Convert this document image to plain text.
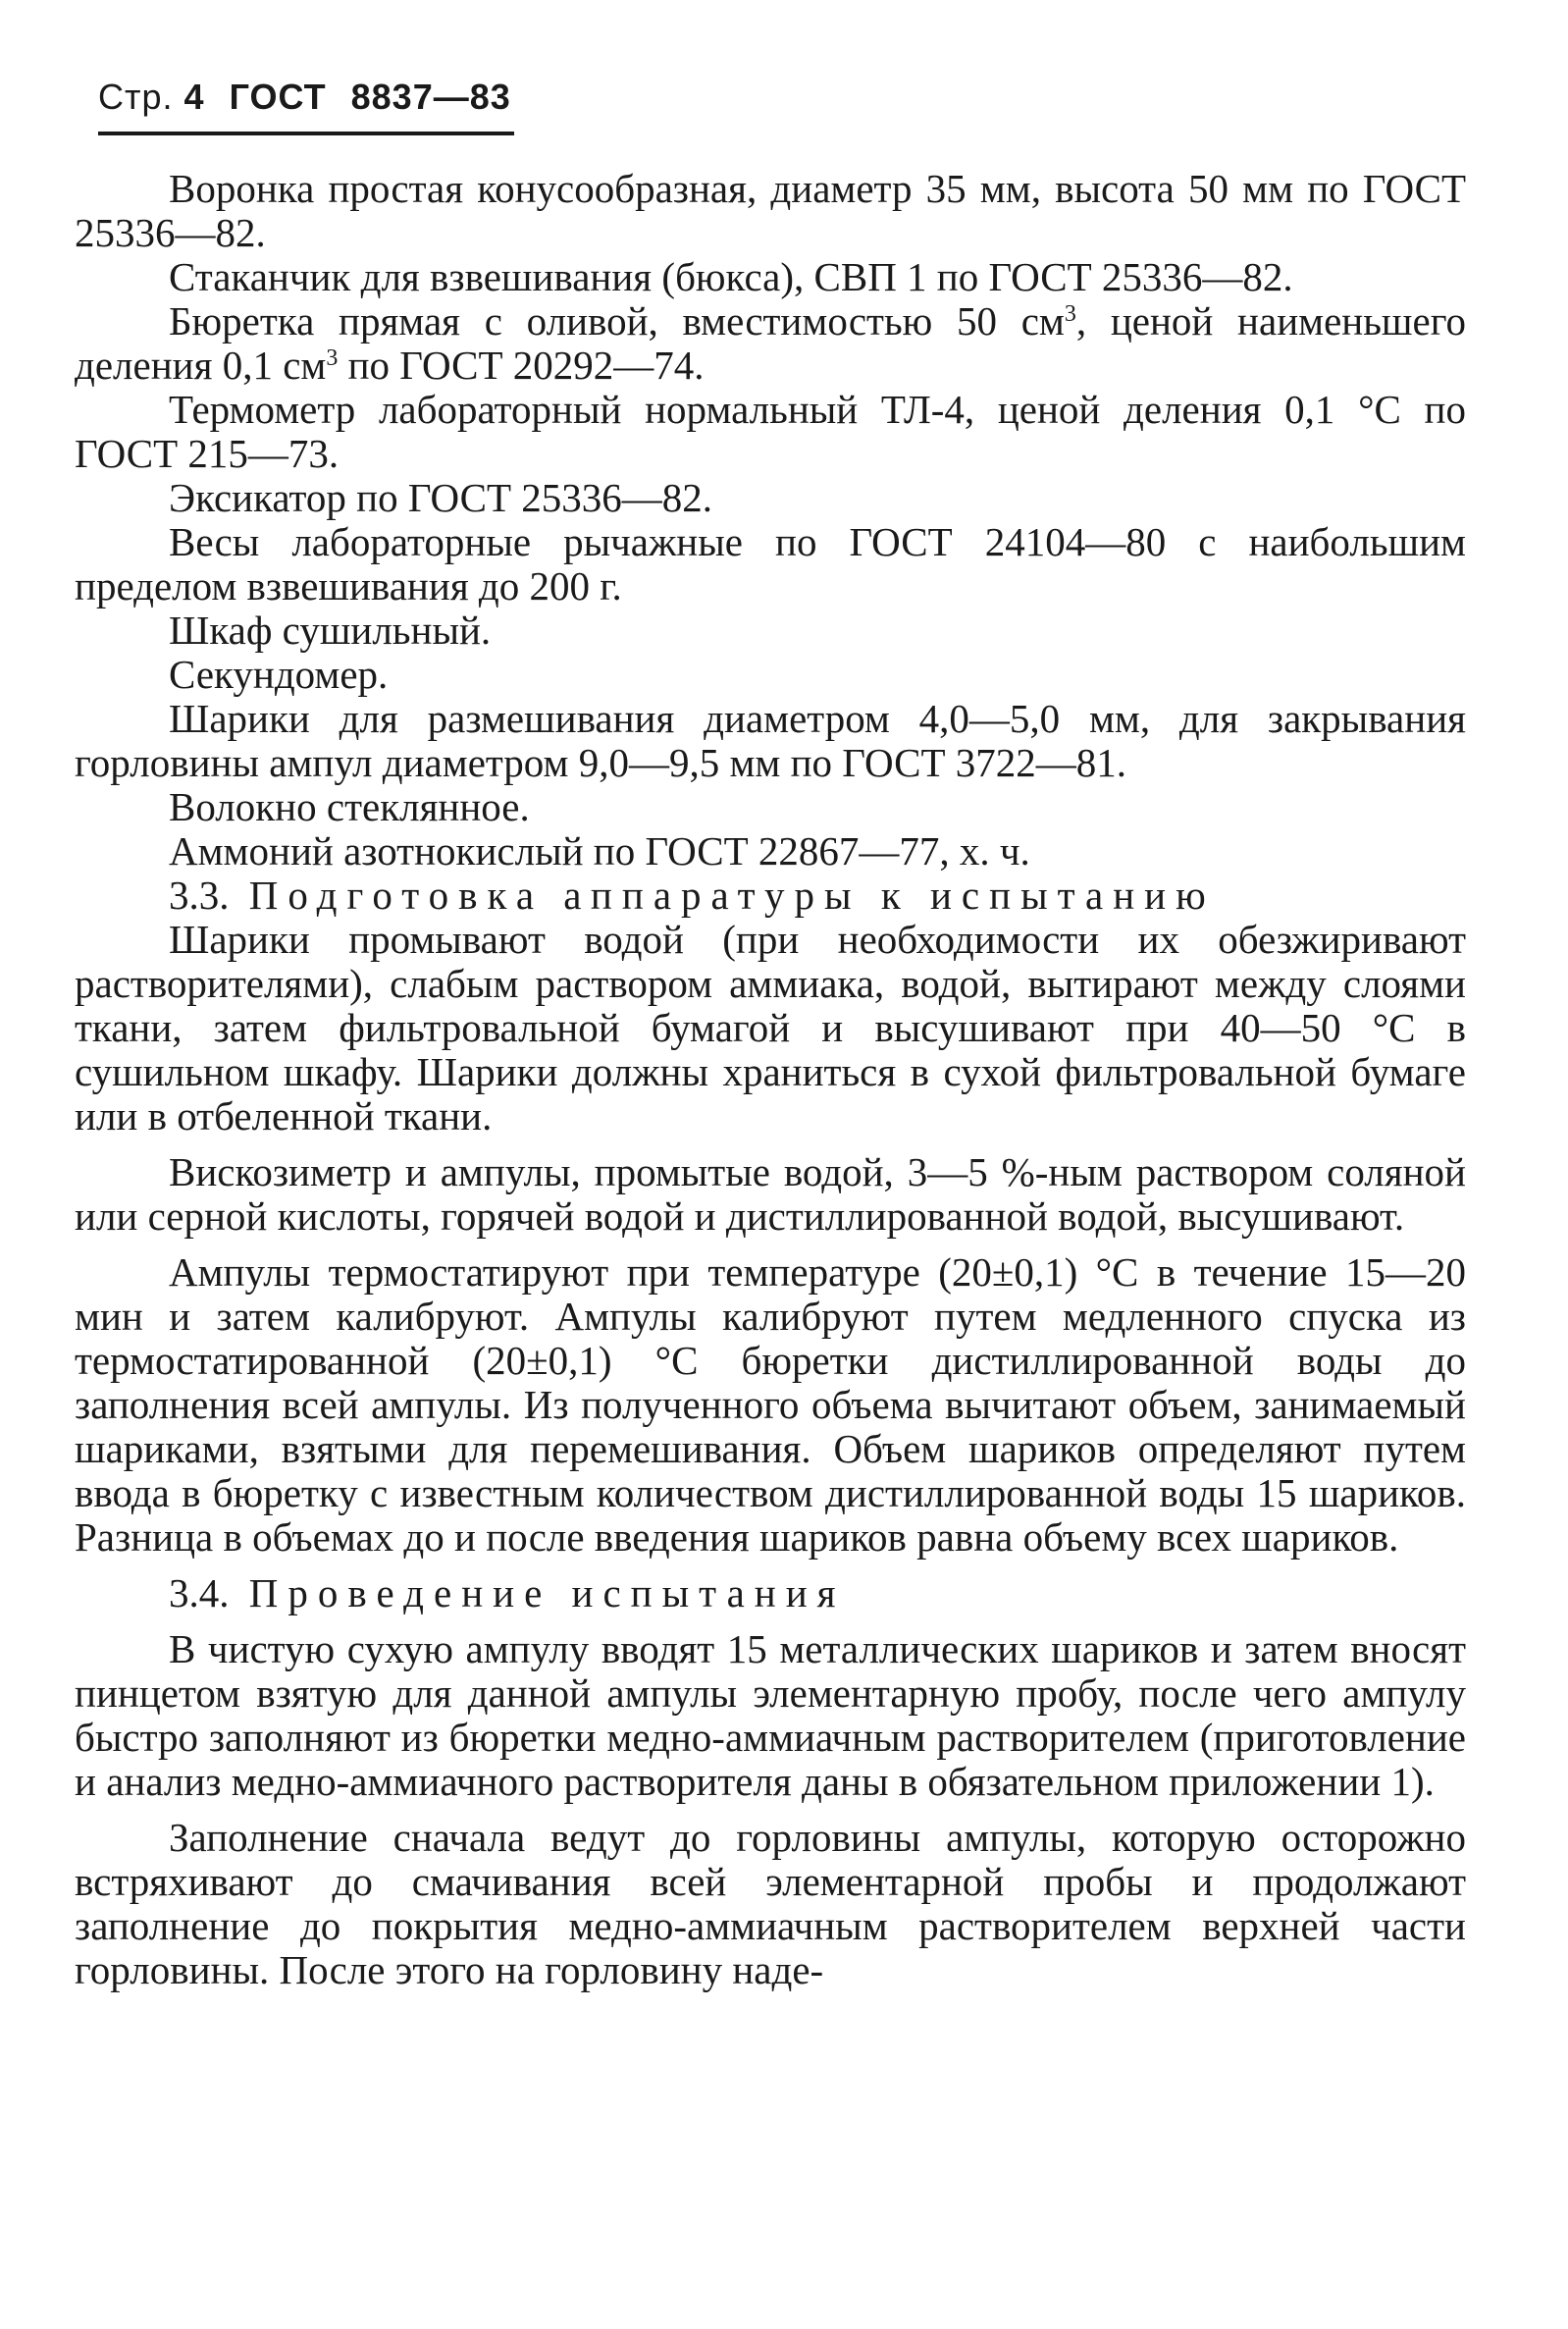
Стр. 4 ГОСТ 8837—83

Воронка простая конусообразная, диаметр 35 мм, высота 50 мм по ГОСТ 25336—82.

Стаканчик для взвешивания (бюкса), СВП 1 по ГОСТ 25336—82.

Бюретка прямая с оливой, вместимостью 50 $см^3$, ценой наименьшего деления 0,1 $см^3$ по ГОСТ 20292—74.

Термометр лабораторный нормальный ТЛ-4, ценой деления 0,1 °С по ГОСТ 215—73.

Эксикатор по ГОСТ 25336—82.

Весы лабораторные рычажные по ГОСТ 24104—80 с наибольшим пределом взвешивания до 200 г.

Шкаф сушильный.

Секундомер.

Шарики для размешивания диаметром 4,0—5,0 мм, для закрывания горловины ампул диаметром 9,0—9,5 мм по ГОСТ 3722—81.

Волокно стеклянное.

Аммоний азотнокислый по ГОСТ 22867—77, х. ч.

3.3. Подготовка аппаратуры к испытанию

Шарики промывают водой (при необходимости их обезжиривают растворителями), слабым раствором аммиака, водой, вытирают между слоями ткани, затем фильтровальной бумагой и высушивают при 40—50 °С в сушильном шкафу. Шарики должны храниться в сухой фильтровальной бумаге или в отбеленной ткани.

Вискозиметр и ампулы, промытые водой, 3—5 %-ным раствором соляной или серной кислоты, горячей водой и дистиллированной водой, высушивают.

Ампулы термостатируют при температуре (20±0,1) °С в течение 15—20 мин и затем калибруют. Ампулы калибруют путем медленного спуска из термостатированной (20±0,1) °С бюретки дистиллированной воды до заполнения всей ампулы. Из полученного объема вычитают объем, занимаемый шариками, взятыми для перемешивания. Объем шариков определяют путем ввода в бюретку с известным количеством дистиллированной воды 15 шариков. Разница в объемах до и после введения шариков равна объему всех шариков.

3.4. Проведение испытания

В чистую сухую ампулу вводят 15 металлических шариков и затем вносят пинцетом взятую для данной ампулы элементарную пробу, после чего ампулу быстро заполняют из бюретки медно-аммиачным растворителем (приготовление и анализ медно-аммиачного растворителя даны в обязательном приложении 1).

Заполнение сначала ведут до горловины ампулы, которую осторожно встряхивают до смачивания всей элементарной пробы и продолжают заполнение до покрытия медно-аммиачным растворителем верхней части горловины. После этого на горловину наде-
